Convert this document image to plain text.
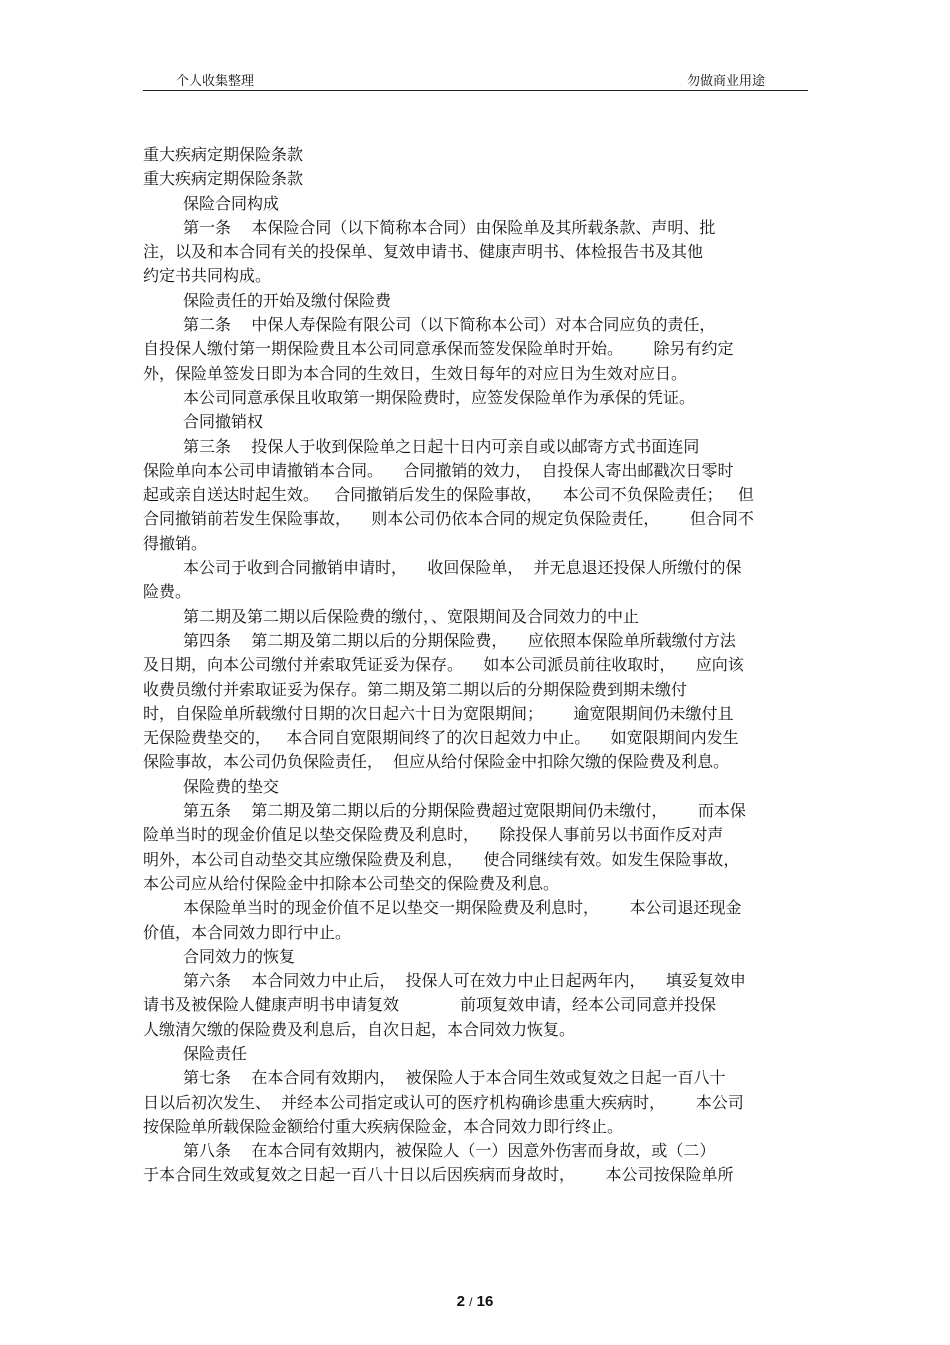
个人收集整理	勿做商业用途
重大疾病定期保险条款
重大疾病定期保险条款
保险合同构成
第一条    本保险合同（以下简称本合同）由保险单及其所载条款、声明、批
注，以及和本合同有关的投保单、复效申请书、健康声明书、体检报告书及其他
约定书共同构成。
保险责任的开始及缴付保险费
第二条    中保人寿保险有限公司（以下简称本公司）对本合同应负的责任，
自投保人缴付第一期保险费且本公司同意承保而签发保险单时开始。      除另有约定
外，保险单签发日即为本合同的生效日，生效日每年的对应日为生效对应日。
本公司同意承保且收取第一期保险费时，应签发保险单作为承保的凭证。
合同撤销权
第三条    投保人于收到保险单之日起十日内可亲自或以邮寄方式书面连同
保险单向本公司申请撤销本合同。    合同撤销的效力，  自投保人寄出邮戳次日零时
起或亲自送达时起生效。   合同撤销后发生的保险事故，    本公司不负保险责任；   但
合同撤销前若发生保险事故，    则本公司仍依本合同的规定负保险责任，      但合同不
得撤销。
本公司于收到合同撤销申请时，    收回保险单，  并无息退还投保人所缴付的保
险费。
第二期及第二期以后保险费的缴付，、宽限期间及合同效力的中止
第四条    第二期及第二期以后的分期保险费，    应依照本保险单所载缴付方法
及日期，向本公司缴付并索取凭证妥为保存。    如本公司派员前往收取时，    应向该
收费员缴付并索取证妥为保存。第二期及第二期以后的分期保险费到期未缴付
时，自保险单所载缴付日期的次日起六十日为宽限期间；      逾宽限期间仍未缴付且
无保险费垫交的，   本合同自宽限期间终了的次日起效力中止。    如宽限期间内发生
保险事故，本公司仍负保险责任，  但应从给付保险金中扣除欠缴的保险费及利息。
保险费的垫交
第五条    第二期及第二期以后的分期保险费超过宽限期间仍未缴付，      而本保
险单当时的现金价值足以垫交保险费及利息时，    除投保人事前另以书面作反对声
明外，本公司自动垫交其应缴保险费及利息，    使合同继续有效。如发生保险事故，
本公司应从给付保险金中扣除本公司垫交的保险费及利息。
本保险单当时的现金价值不足以垫交一期保险费及利息时，      本公司退还现金
价值，本合同效力即行中止。
合同效力的恢复
第六条    本合同效力中止后，  投保人可在效力中止日起两年内，    填妥复效申
请书及被保险人健康声明书申请复效            前项复效申请，经本公司同意并投保
人缴清欠缴的保险费及利息后，自次日起，本合同效力恢复。
保险责任
第七条    在本合同有效期内，  被保险人于本合同生效或复效之日起一百八十
日以后初次发生、  并经本公司指定或认可的医疗机构确诊患重大疾病时，      本公司
按保险单所载保险金额给付重大疾病保险金，本合同效力即行终止。
第八条    在本合同有效期内，被保险人（一）因意外伤害而身故，或（二）
于本合同生效或复效之日起一百八十日以后因疾病而身故时，      本公司按保险单所
2 / 16
